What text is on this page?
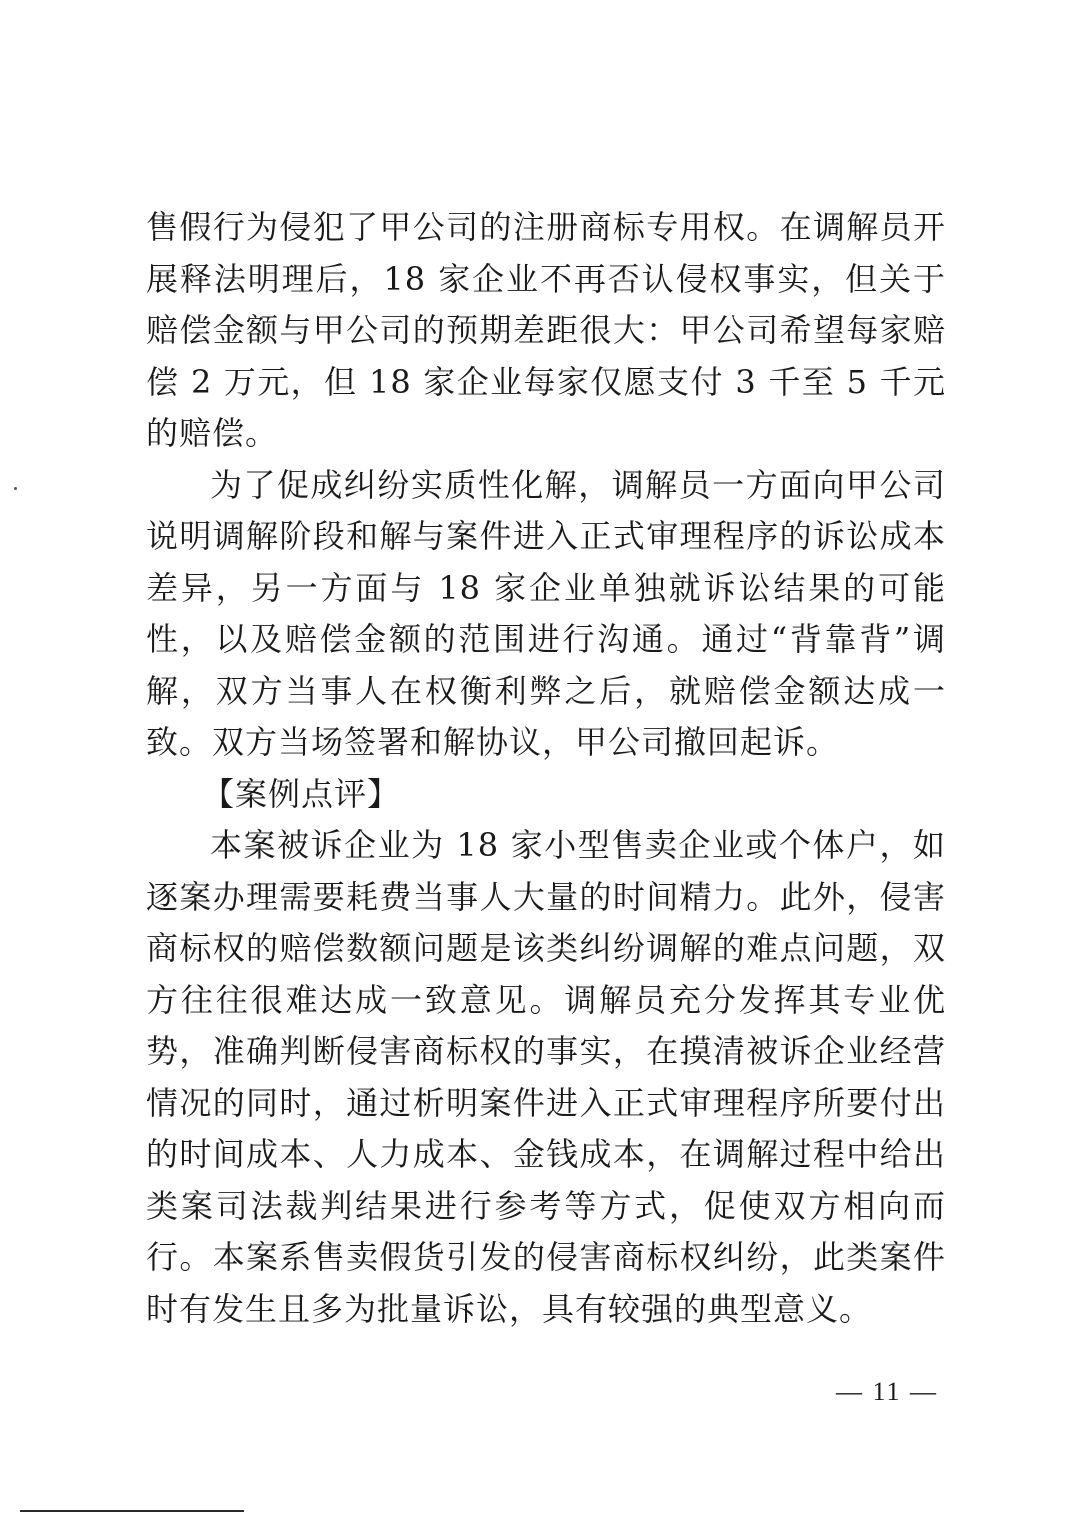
售假行为侵犯了甲公司的注册商标专用权。在调解员开展释法明理后，18 家企业不再否认侵权事实，但关于赔偿金额与甲公司的预期差距很大：甲公司希望每家赔偿 2 万元，但 18 家企业每家仅愿支付 3 千至 5 千元的赔偿。

为了促成纠纷实质性化解，调解员一方面向甲公司说明调解阶段和解与案件进入正式审理程序的诉讼成本差异，另一方面与 18 家企业单独就诉讼结果的可能性，以及赔偿金额的范围进行沟通。通过“背靠背”调解，双方当事人在权衡利弊之后，就赔偿金额达成一致。双方当场签署和解协议，甲公司撤回起诉。

【案例点评】

本案被诉企业为 18 家小型售卖企业或个体户，如逐案办理需要耗费当事人大量的时间精力。此外，侵害商标权的赔偿数额问题是该类纠纷调解的难点问题，双方往往很难达成一致意见。调解员充分发挥其专业优势，准确判断侵害商标权的事实，在摸清被诉企业经营情况的同时，通过析明案件进入正式审理程序所要付出的时间成本、人力成本、金钱成本，在调解过程中给出类案司法裁判结果进行参考等方式，促使双方相向而行。本案系售卖假货引发的侵害商标权纠纷，此类案件时有发生且多为批量诉讼，具有较强的典型意义。

— 11 —
